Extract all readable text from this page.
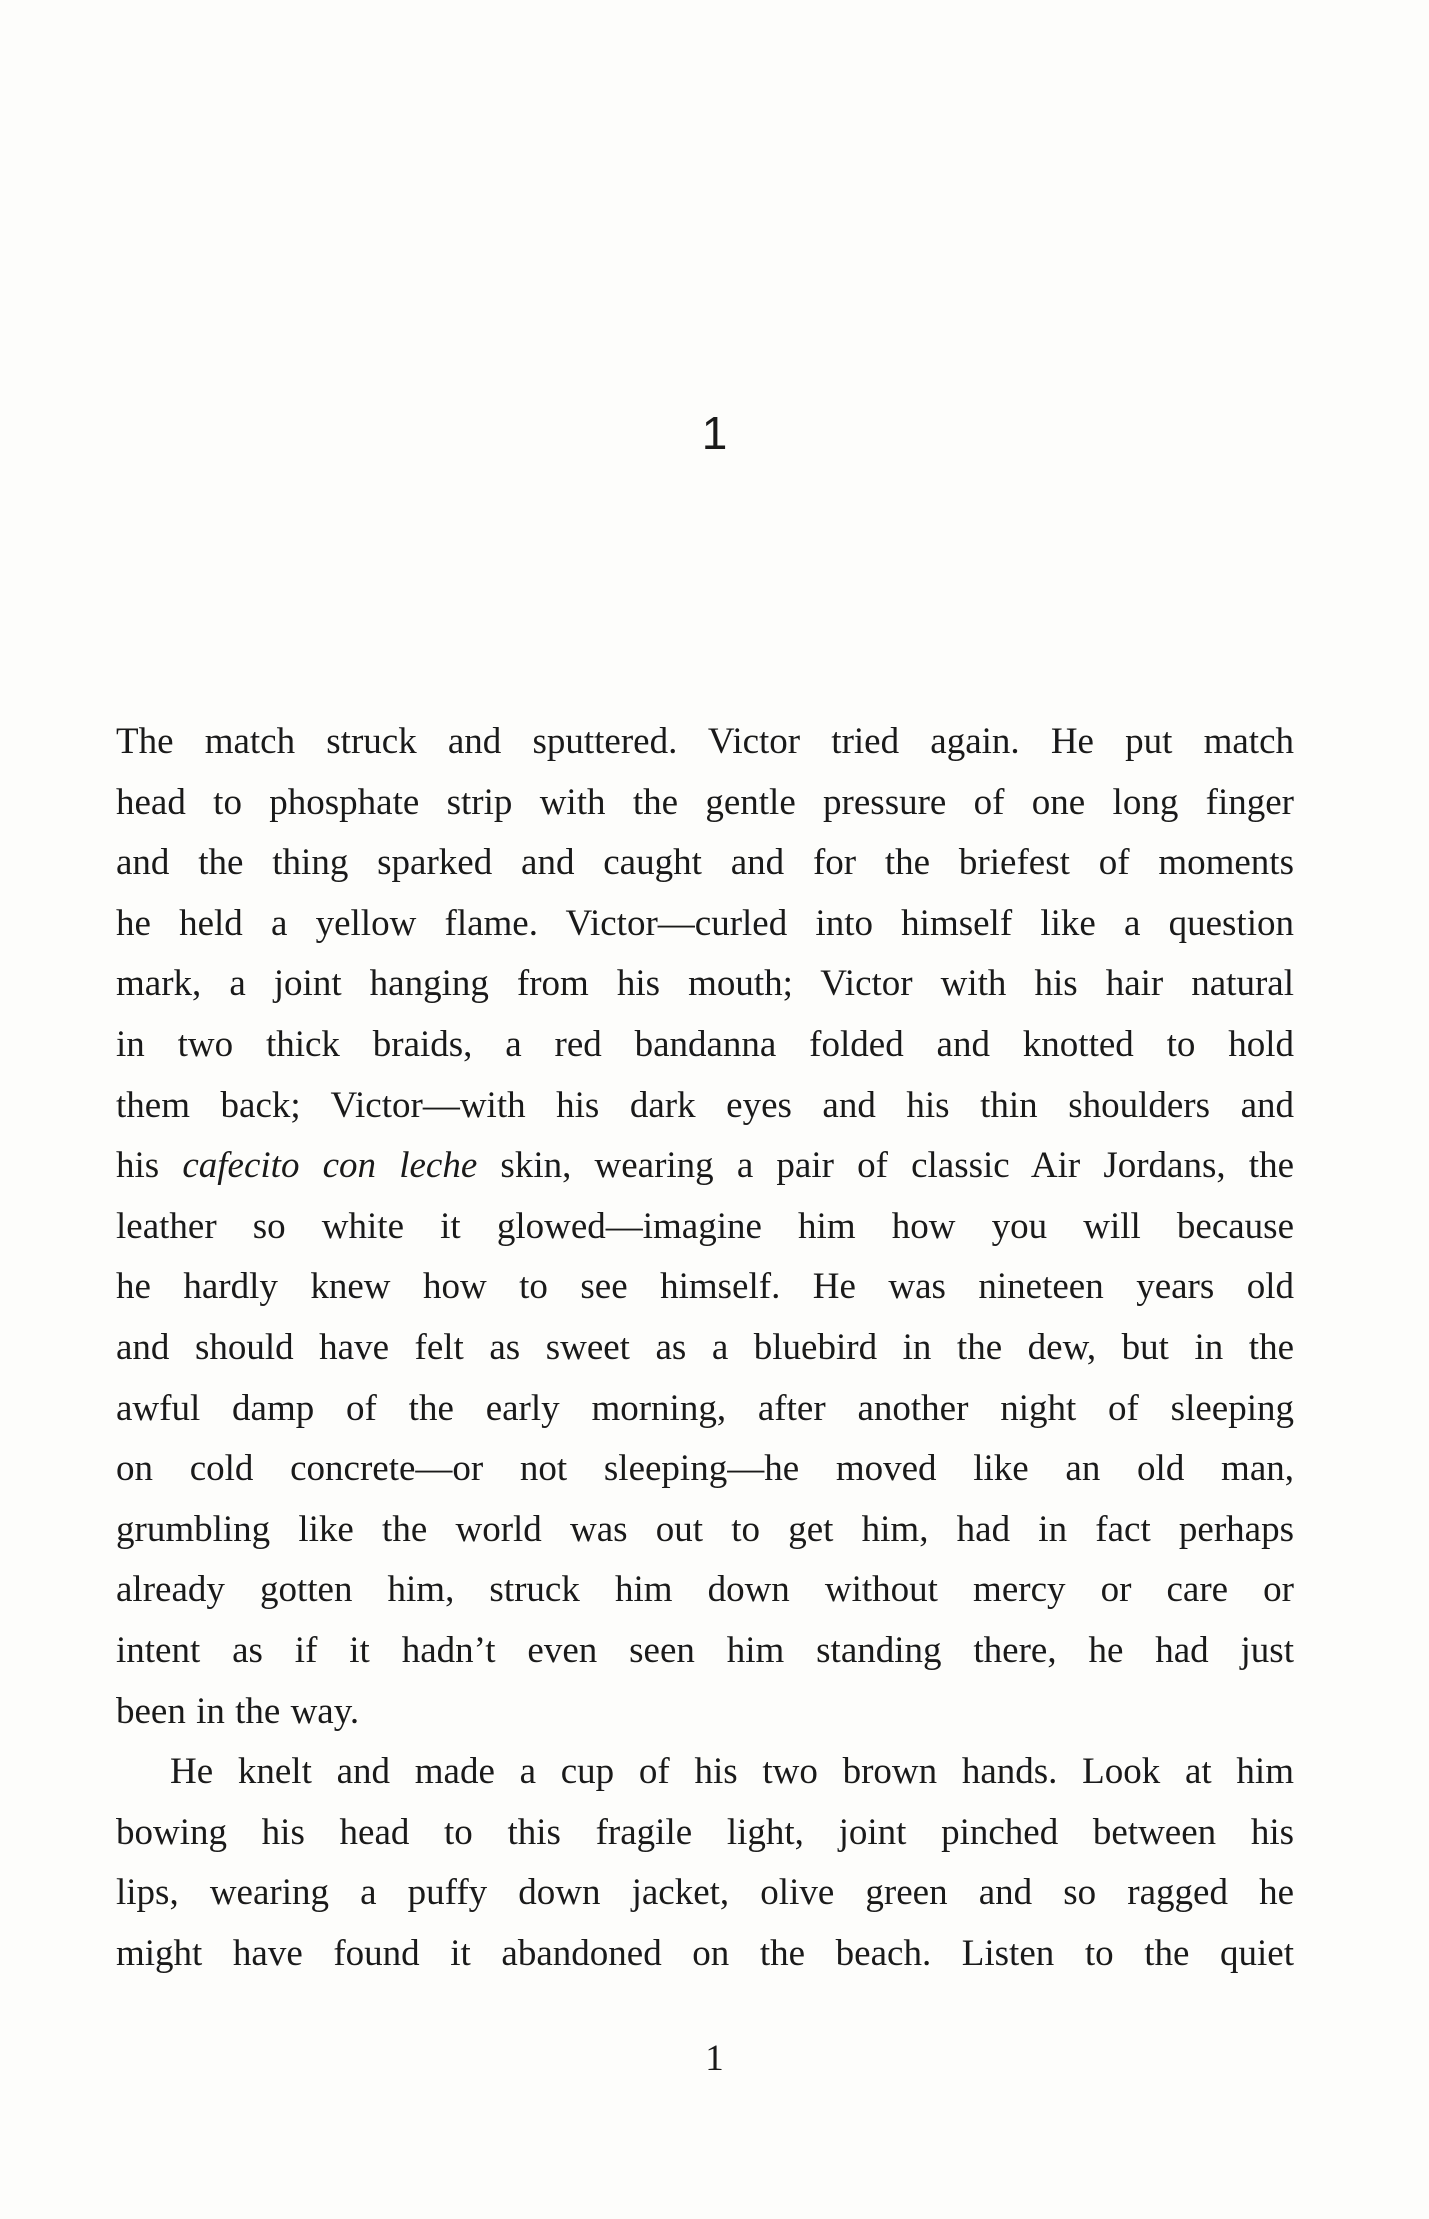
1
The match struck and sputtered. Victor tried again. He put match
head to phosphate strip with the gentle pressure of one long finger
and the thing sparked and caught and for the briefest of moments
he held a yellow flame. Victor—curled into himself like a question
mark, a joint hanging from his mouth; Victor with his hair natural
in two thick braids, a red bandanna folded and knotted to hold
them back; Victor—with his dark eyes and his thin shoulders and
his cafecito con leche skin, wearing a pair of classic Air Jordans, the
leather so white it glowed—imagine him how you will because
he hardly knew how to see himself. He was nineteen years old
and should have felt as sweet as a bluebird in the dew, but in the
awful damp of the early morning, after another night of sleeping
on cold concrete—or not sleeping—he moved like an old man,
grumbling like the world was out to get him, had in fact perhaps
already gotten him, struck him down without mercy or care or
intent as if it hadn’t even seen him standing there, he had just
been in the way.
He knelt and made a cup of his two brown hands. Look at him
bowing his head to this fragile light, joint pinched between his
lips, wearing a puffy down jacket, olive green and so ragged he
might have found it abandoned on the beach. Listen to the quiet
1
